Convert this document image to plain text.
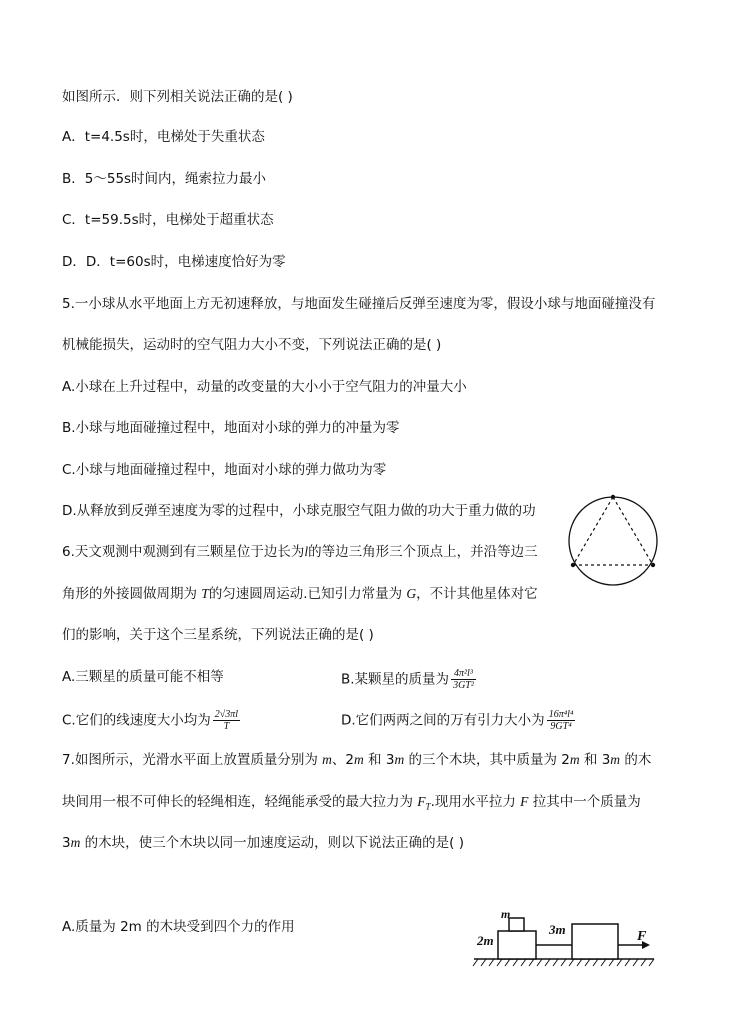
如图所示．则下列相关说法正确的是( )
A．t=4.5s时，电梯处于失重状态
B．5～55s时间内，绳索拉力最小
C．t=59.5s时，电梯处于超重状态
D．D．t=60s时，电梯速度恰好为零
5.一小球从水平地面上方无初速释放，与地面发生碰撞后反弹至速度为零，假设小球与地面碰撞没有
机械能损失，运动时的空气阻力大小不变，下列说法正确的是( )
A.小球在上升过程中，动量的改变量的大小小于空气阻力的冲量大小
B.小球与地面碰撞过程中，地面对小球的弹力的冲量为零
C.小球与地面碰撞过程中，地面对小球的弹力做功为零
D.从释放到反弹至速度为零的过程中，小球克服空气阻力做的功大于重力做的功
6.天文观测中观测到有三颗星位于边长为l的等边三角形三个顶点上，并沿等边三
角形的外接圆做周期为 T的匀速圆周运动.已知引力常量为 G，不计其他星体对它
们的影响，关于这个三星系统，下列说法正确的是( )
A.三颗星的质量可能不相等	B.某颗星的质量为 $\frac{\text{4π²l³}}{\text{3GT²}}$
C.它们的线速度大小均为 $\frac{2√3\pi l}{T}$	D.它们两两之间的万有引力大小为 $\frac{\text{16π⁴l⁴}}{\text{9GT⁴}}$
7.如图所示，光滑水平面上放置质量分别为 m、2m 和 3m 的三个木块，其中质量为 2m 和 3m 的木
块间用一根不可伸长的轻绳相连，轻绳能承受的最大拉力为 $F_T$.现用水平拉力 F 拉其中一个质量为
3m 的木块，使三个木块以同一加速度运动，则以下说法正确的是( )
A.质量为 2m 的木块受到四个力的作用
m
2m
3m	F
